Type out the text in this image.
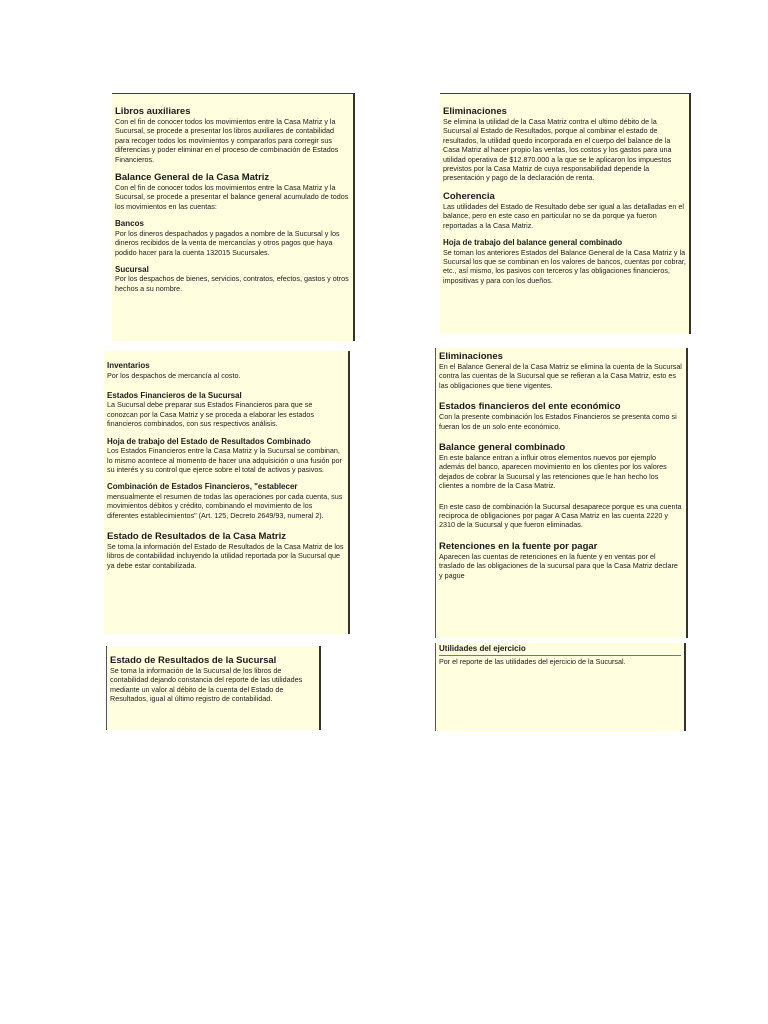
Libros auxiliares

Con el fin de conocer todos los movimientos entre la Casa Matriz y la Sucursal, se procede a presentar los libros auxiliares de contabilidad para recoger todos los movimientos y compararlos para corregir sus diferencias y poder eliminar en el proceso de combinación de Estados Financieros.

Balance General de la Casa Matriz

Con el fin de conocer todos los movimientos entre la Casa Matriz y la Sucursal, se procede a presentar el balance general acumulado de todos los movimientos en las cuentas:

Bancos

Por los dineros despachados y pagados a nombre de la Sucursal y los dineros recibidos de la venta de mercancías y otros pagos que haya podido hacer para la cuenta 132015 Sucursales.

Sucursal

Por los despachos de bienes, servicios, contratos, efectos, gastos y otros hechos a su nombre.

Eliminaciones

Se elimina la utilidad de la Casa Matriz contra el ultimo débito de la Sucursal al Estado de Resultados, porque al combinar el estado de resultados, la utilidad quedo incorporada en el cuerpo del balance de la Casa Matriz al hacer propio las ventas, los costos y los gastos para una utilidad operativa de $12.870.000 a la que se le aplicaron los impuestos previstos por la Casa Matriz de cuya responsabilidad depende la presentación y pago de la declaración de renta.

Coherencia

Las utilidades del Estado de Resultado debe ser igual a las detalladas en el balance, pero en este caso en particular no se da porque ya fueron reportadas a la Casa Matriz.

Hoja de trabajo del balance general combinado

Se toman los anteriores Estados del Balance General de la Casa Matriz y la Sucursal los que se combinan en los valores de bancos, cuentas por cobrar, etc., así mismo, los pasivos con terceros y las obligaciones financieros, impositivas y para con los dueños.

Inventarios

Por los despachos de mercancía al costo.

Estados Financieros de la Sucursal

La Sucursal debe preparar sus Estados Financieros para que se conozcan por la Casa Matriz y se proceda a elaborar les estados financieros combinados, con sus respectivos análisis.

Hoja de trabajo del Estado de Resultados Combinado

Los Estados Financieros entre la Casa Matriz y la Sucursal se combinan, lo mismo acontece al momento de hacer una adquisición o una fusión por su interés y su control que ejerce sobre el total de activos y pasivos.

Combinación de Estados Financieros, "establecer

mensualmente el resumen de todas las operaciones por cada cuenta, sus movimientos débitos y crédito, combinando el movimiento de los diferentes establecimientos" (Art. 125, Decreto 2649/93, numeral 2).

Estado de Resultados de la Casa Matriz

Se toma la información del Estado de Resultados de la Casa Matriz de los libros de contabilidad incluyendo la utilidad reportada por la Sucursal que ya debe estar contabilizada.

Eliminaciones

En el Balance General de la Casa Matriz se elimina la cuenta de la Sucursal contra las cuentas de la Sucursal que se refieran a la Casa Matriz, esto es las obligaciones que tiene vigentes.

Estados financieros del ente económico

Con la presente combinación los Estados Financieros se presenta como si fueran los de un solo ente económico.

Balance general combinado

En este balance entran a influir otros elementos nuevos por ejemplo además del banco, aparecen movimiento en los clientes por los valores dejados de cobrar la Sucursal y las retenciones que le han hecho los clientes a nombre de la Casa Matriz.

En este caso de combinación la Sucursal desaparece porque es una cuenta reciproca de obligaciones por pagar A Casa Matriz en las cuenta 2220 y 2310 de la Sucursal y que fueron eliminadas.

Retenciones en la fuente por pagar

Aparecen las cuentas de retenciones en la fuente y en ventas por el traslado de las obligaciones de la sucursal para que la Casa Matriz declare y pague

Estado de Resultados de la Sucursal

Se toma la información de la Sucursal de los libros de contabilidad dejando constancia del reporte de las utilidades mediante un valor al débito de la cuenta del Estado de Resultados, igual al último registro de contabilidad.

Utilidades del ejercicio

Por el reporte de las utilidades del ejercicio de la Sucursal.
